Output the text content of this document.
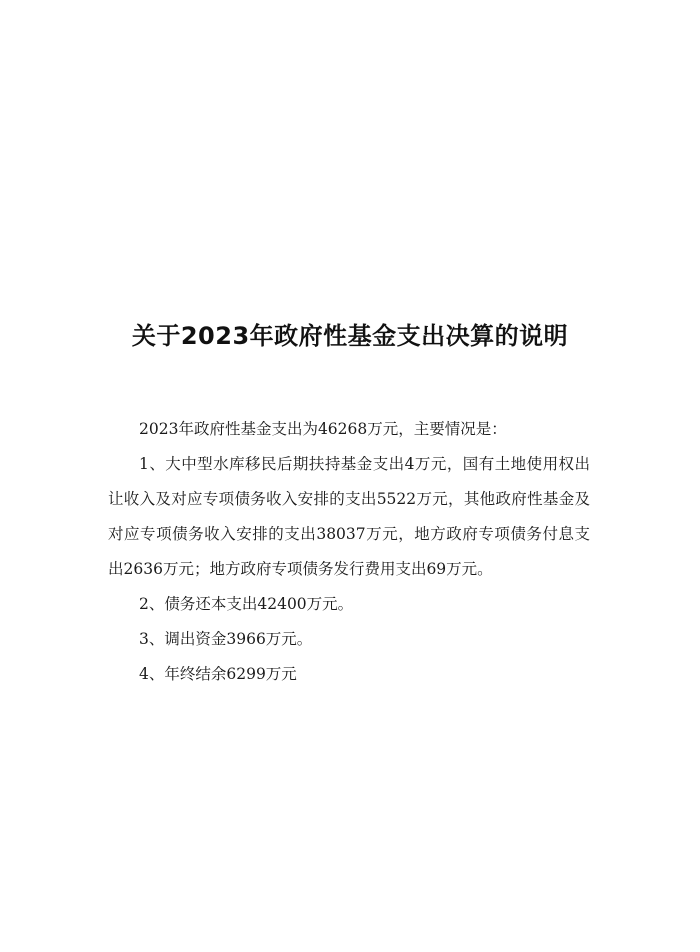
关于2023年政府性基金支出决算的说明

2023年政府性基金支出为46268万元，主要情况是：

1、大中型水库移民后期扶持基金支出4万元，国有土地使用权出让收入及对应专项债务收入安排的支出5522万元，其他政府性基金及对应专项债务收入安排的支出38037万元，地方政府专项债务付息支出2636万元；地方政府专项债务发行费用支出69万元。

2、债务还本支出42400万元。

3、调出资金3966万元。

4、年终结余6299万元
